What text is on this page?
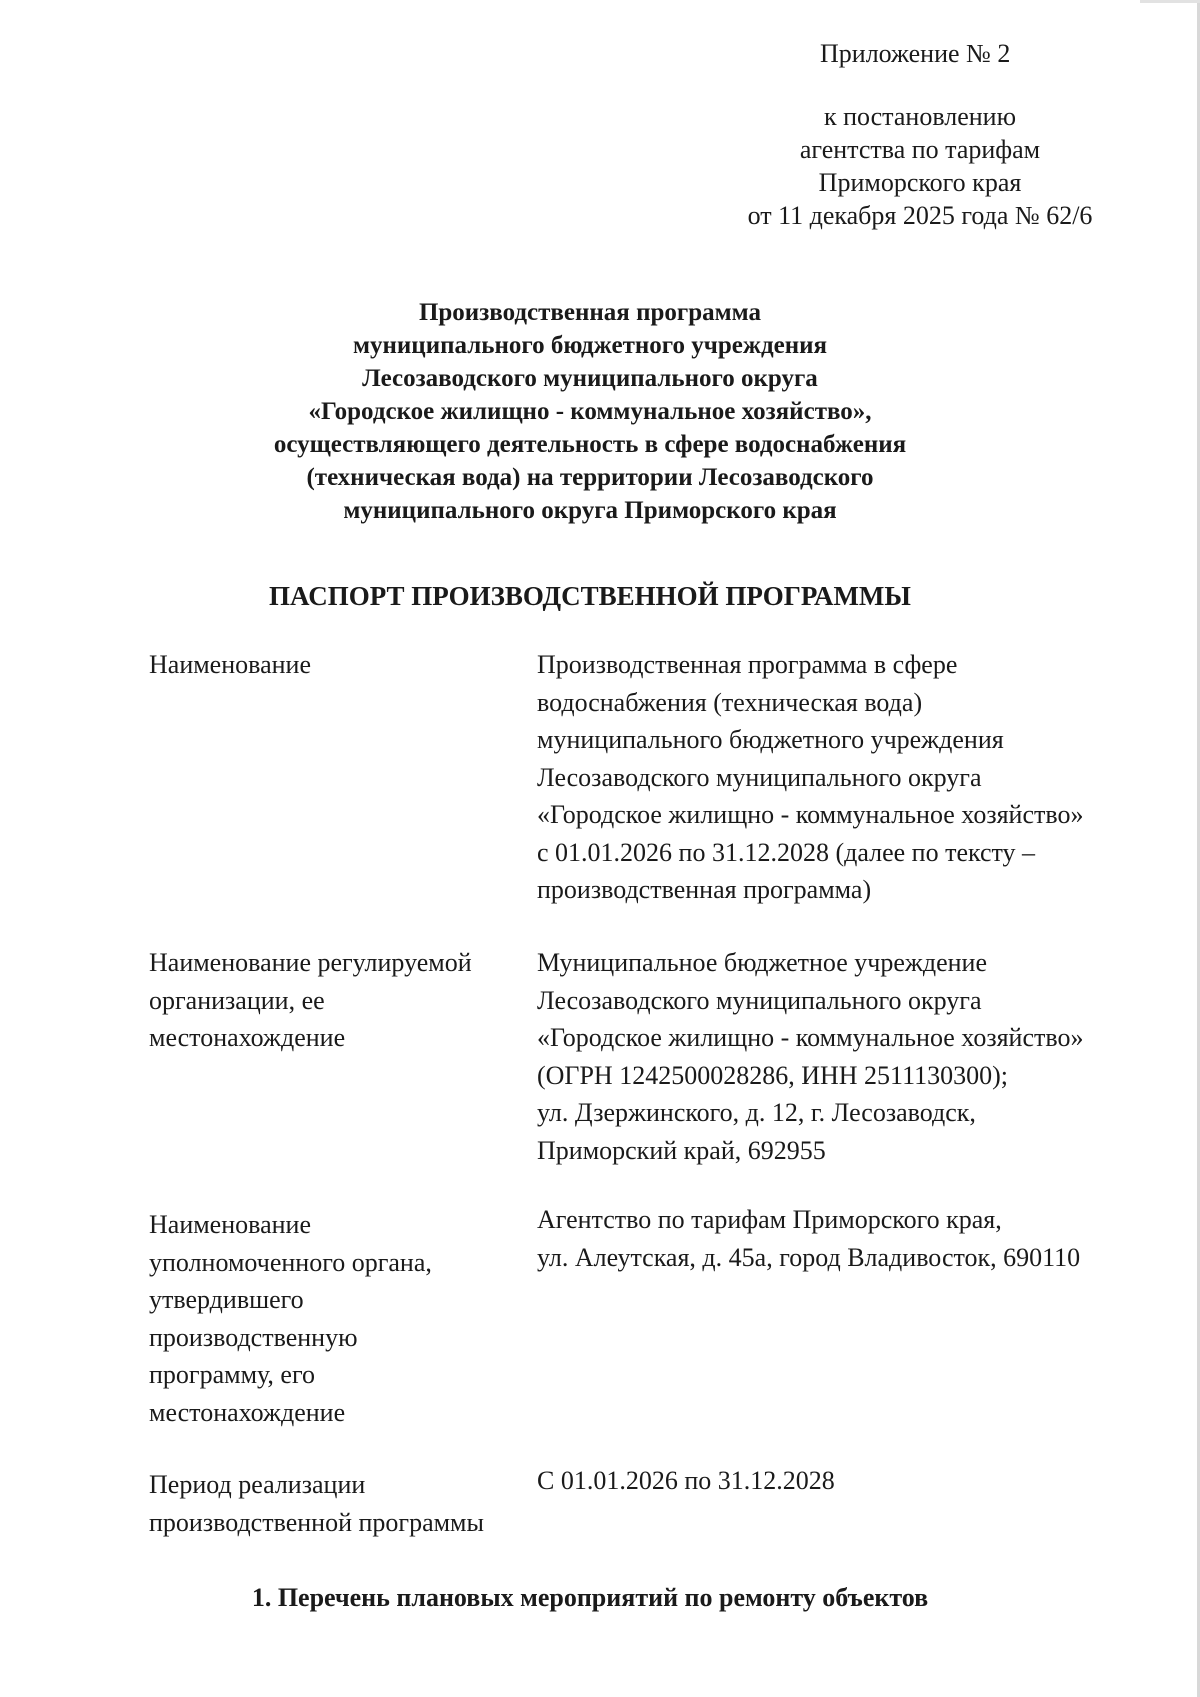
Приложение № 2
к постановлению
агентства по тарифам
Приморского края
от 11 декабря 2025 года № 62/6
Производственная программа
муниципального бюджетного учреждения
Лесозаводского муниципального округа
«Городское жилищно - коммунальное хозяйство»,
осуществляющего деятельность в сфере водоснабжения
(техническая вода) на территории Лесозаводского
муниципального округа Приморского края
ПАСПОРТ ПРОИЗВОДСТВЕННОЙ ПРОГРАММЫ
Наименование	Производственная программа в сфере
водоснабжения (техническая вода)
муниципального бюджетного учреждения
Лесозаводского муниципального округа
«Городское жилищно - коммунальное хозяйство»
с 01.01.2026 по 31.12.2028 (далее по тексту –
производственная программа)
Наименование регулируемой
организации, ее
местонахождение
Муниципальное бюджетное учреждение
Лесозаводского муниципального округа
«Городское жилищно - коммунальное хозяйство»
(ОГРН 1242500028286, ИНН 2511130300);
ул. Дзержинского, д. 12, г. Лесозаводск,
Приморский край, 692955
Наименование
уполномоченного органа,
утвердившего
производственную
программу, его
местонахождение
Агентство по тарифам Приморского края,
ул. Алеутская, д. 45а, город Владивосток, 690110
Период реализации
производственной программы
С 01.01.2026 по 31.12.2028
1. Перечень плановых мероприятий по ремонту объектов
